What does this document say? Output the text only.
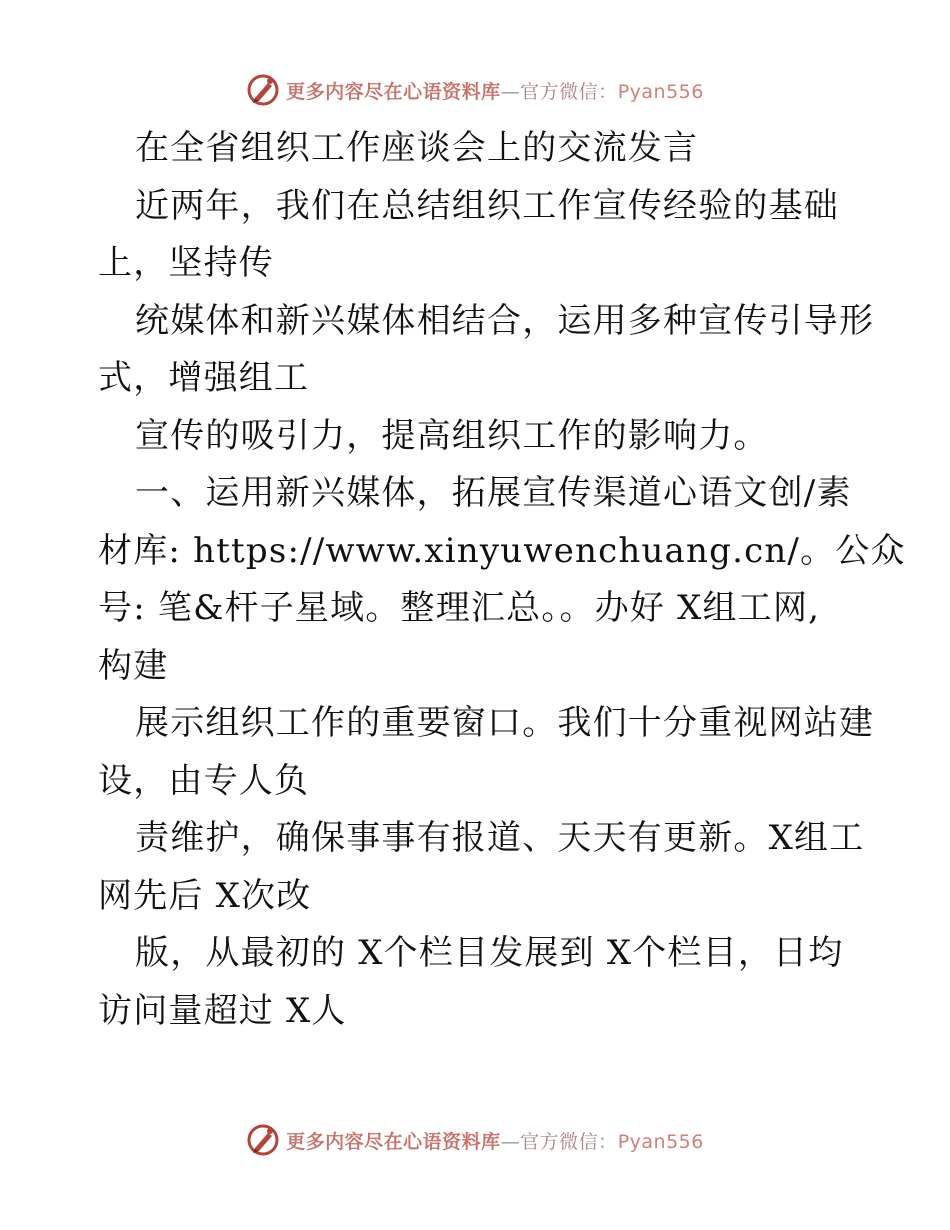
更多内容尽在心语资料库—官方微信：Pyan556
在全省组织工作座谈会上的交流发言
近两年，我们在总结组织工作宣传经验的基础
上，坚持传
统媒体和新兴媒体相结合，运用多种宣传引导形
式，增强组工
宣传的吸引力，提高组织工作的影响力。
一、运用新兴媒体，拓展宣传渠道心语文创/素
材库: https://www.xinyuwenchuang.cn/。公众
号: 笔&杆子星域。整理汇总。。办好 X组工网,
构建
展示组织工作的重要窗口。我们十分重视网站建
设，由专人负
责维护，确保事事有报道、天天有更新。X组工
网先后 X次改
版，从最初的 X个栏目发展到 X个栏目，日均
访问量超过 X人
更多内容尽在心语资料库—官方微信：Pyan556
